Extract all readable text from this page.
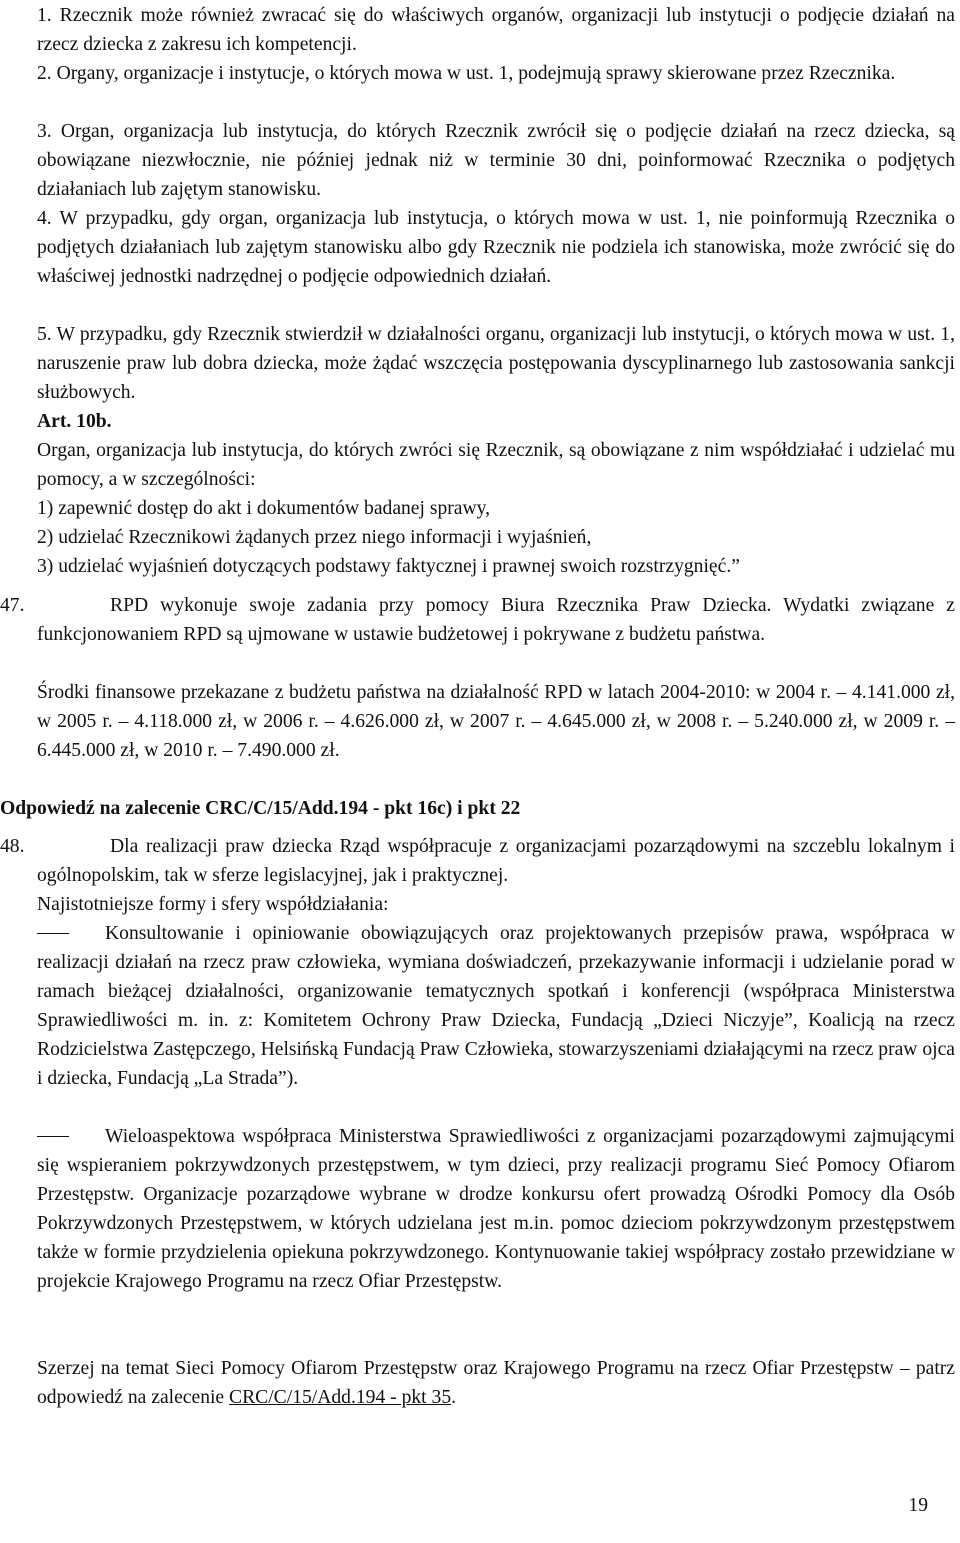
1. Rzecznik może również zwracać się do właściwych organów, organizacji lub instytucji o podjęcie działań na rzecz dziecka z zakresu ich kompetencji.

2. Organy, organizacje i instytucje, o których mowa w ust. 1, podejmują sprawy skierowane przez Rzecznika.

3. Organ, organizacja lub instytucja, do których Rzecznik zwrócił się o podjęcie działań na rzecz dziecka, są obowiązane niezwłocznie, nie później jednak niż w terminie 30 dni, poinformować Rzecznika o podjętych działaniach lub zajętym stanowisku.

4. W przypadku, gdy organ, organizacja lub instytucja, o których mowa w ust. 1, nie poinformują Rzecznika o podjętych działaniach lub zajętym stanowisku albo gdy Rzecznik nie podziela ich stanowiska, może zwrócić się do właściwej jednostki nadrzędnej o podjęcie odpowiednich działań.

5. W przypadku, gdy Rzecznik stwierdził w działalności organu, organizacji lub instytucji, o których mowa w ust. 1, naruszenie praw lub dobra dziecka, może żądać wszczęcia postępowania dyscyplinarnego lub zastosowania sankcji służbowych.

Art. 10b.

Organ, organizacja lub instytucja, do których zwróci się Rzecznik, są obowiązane z nim współdziałać i udzielać mu pomocy, a w szczególności:

1) zapewnić dostęp do akt i dokumentów badanej sprawy,

2) udzielać Rzecznikowi żądanych przez niego informacji i wyjaśnień,

3) udzielać wyjaśnień dotyczących podstawy faktycznej i prawnej swoich rozstrzygnięć.”

47.	RPD wykonuje swoje zadania przy pomocy Biura Rzecznika Praw Dziecka. Wydatki związane z funkcjonowaniem RPD są ujmowane w ustawie budżetowej i pokrywane z budżetu państwa.

Środki finansowe przekazane z budżetu państwa na działalność RPD w latach 2004-2010: w 2004 r. – 4.141.000 zł, w 2005 r. – 4.118.000 zł, w 2006 r. – 4.626.000 zł, w 2007 r. – 4.645.000 zł, w 2008 r. – 5.240.000 zł, w 2009 r. – 6.445.000 zł, w 2010 r. – 7.490.000 zł.

Odpowiedź na zalecenie CRC/C/15/Add.194 - pkt 16c) i pkt 22

48.	Dla realizacji praw dziecka Rząd współpracuje z organizacjami pozarządowymi na szczeblu lokalnym i ogólnopolskim, tak w sferze legislacyjnej, jak i praktycznej.

Najistotniejsze formy i sfery współdziałania:

Konsultowanie i opiniowanie obowiązujących oraz projektowanych przepisów prawa, współpraca w realizacji działań na rzecz praw człowieka, wymiana doświadczeń, przekazywanie informacji i udzielanie porad w ramach bieżącej działalności, organizowanie tematycznych spotkań i konferencji (współpraca Ministerstwa Sprawiedliwości m. in. z: Komitetem Ochrony Praw Dziecka, Fundacją „Dzieci Niczyje”, Koalicją na rzecz Rodzicielstwa Zastępczego, Helsińską Fundacją Praw Człowieka, stowarzyszeniami działającymi na rzecz praw ojca i dziecka, Fundacją „La Strada”).
Wieloaspektowa współpraca Ministerstwa Sprawiedliwości z organizacjami pozarządowymi zajmującymi się wspieraniem pokrzywdzonych przestępstwem, w tym dzieci, przy realizacji programu Sieć Pomocy Ofiarom Przestępstw. Organizacje pozarządowe wybrane w drodze konkursu ofert prowadzą Ośrodki Pomocy dla Osób Pokrzywdzonych Przestępstwem, w których udzielana jest m.in. pomoc dzieciom pokrzywdzonym przestępstwem także w formie przydzielenia opiekuna pokrzywdzonego. Kontynuowanie takiej współpracy zostało przewidziane w projekcie Krajowego Programu na rzecz Ofiar Przestępstw.
Szerzej na temat Sieci Pomocy Ofiarom Przestępstw oraz Krajowego Programu na rzecz Ofiar Przestępstw – patrz odpowiedź na zalecenie CRC/C/15/Add.194 - pkt 35.
19
